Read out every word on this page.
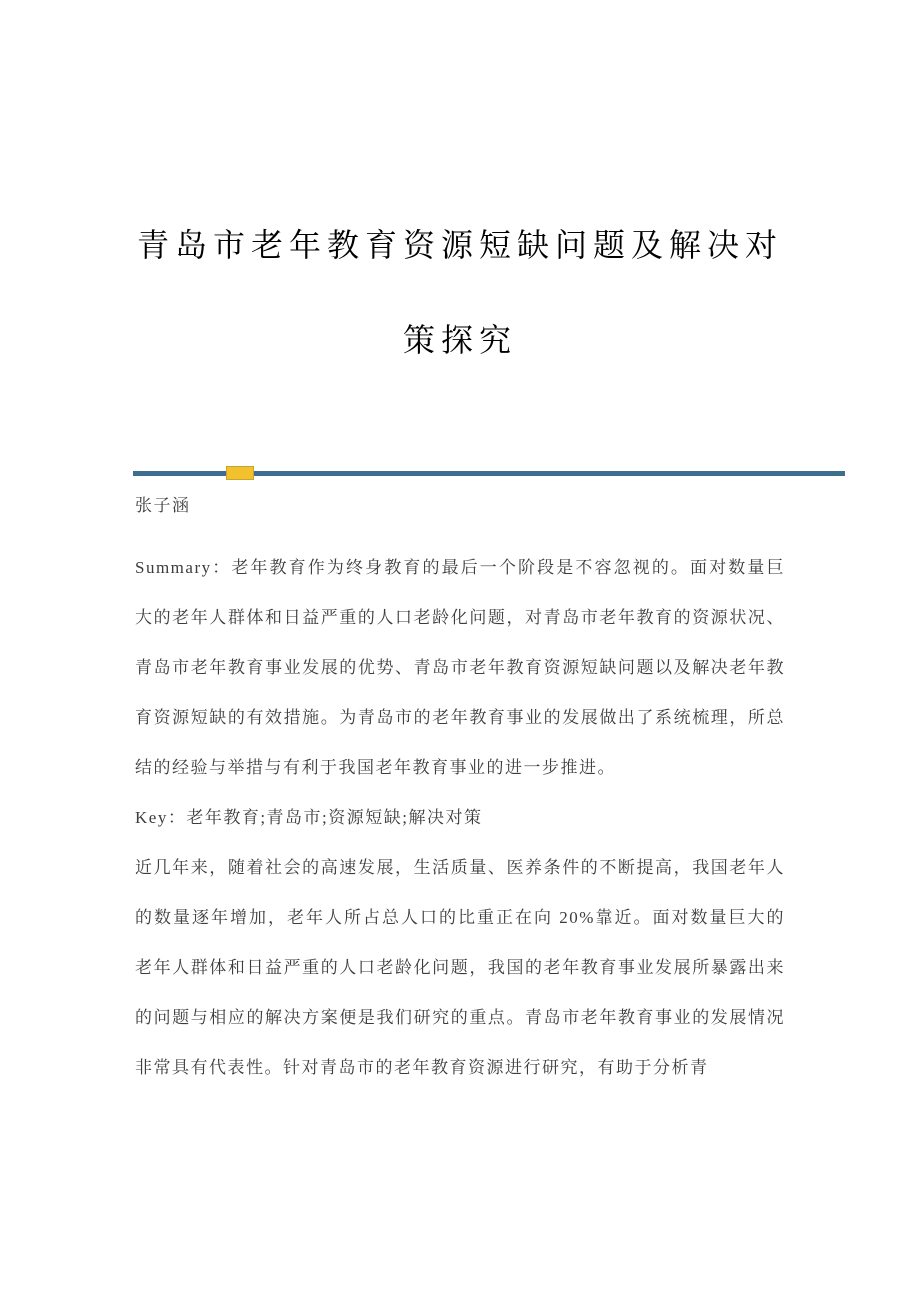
青岛市老年教育资源短缺问题及解决对策探究

张子涵

Summary：老年教育作为终身教育的最后一个阶段是不容忽视的。面对数量巨大的老年人群体和日益严重的人口老龄化问题，对青岛市老年教育的资源状况、青岛市老年教育事业发展的优势、青岛市老年教育资源短缺问题以及解决老年教育资源短缺的有效措施。为青岛市的老年教育事业的发展做出了系统梳理，所总结的经验与举措与有利于我国老年教育事业的进一步推进。

Key：老年教育;青岛市;资源短缺;解决对策

近几年来，随着社会的高速发展，生活质量、医养条件的不断提高，我国老年人的数量逐年增加，老年人所占总人口的比重正在向 20%靠近。面对数量巨大的老年人群体和日益严重的人口老龄化问题，我国的老年教育事业发展所暴露出来的问题与相应的解决方案便是我们研究的重点。青岛市老年教育事业的发展情况非常具有代表性。针对青岛市的老年教育资源进行研究，有助于分析青
